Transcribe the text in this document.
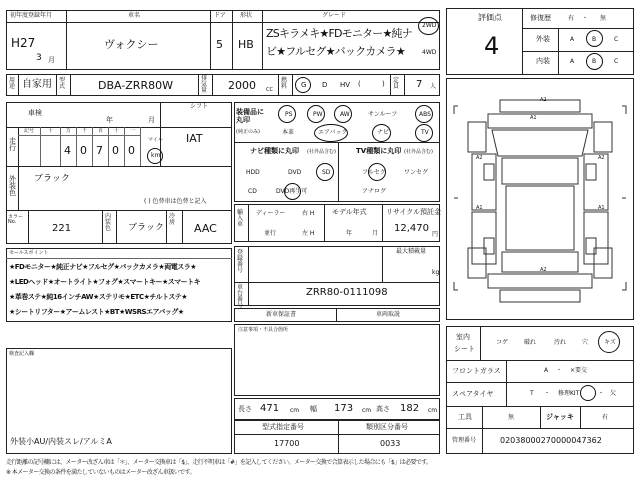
初年度登録年月
H27
3 月
車名
ヴォクシー
ドア
5
形状
HB
グレード
ZSキラメキ★FDモニター★純ナ
ビ★フルセグ★バックカメラ★
2WD
4WD
用途 自家用 型式	DBA-ZRR80W
排気量 2000 CC
燃料 G D HV (	) 定員 7 人
評価点
4
修復歴	有 ・ 無
外装	A	B	C
内装	A	B	C
車検
年	月
シフト
IAT
走行
記号	十	万 千 百 十 一
4 0 7 0 0
マイル
km
外装色
ブラック
( ) 色替車は色替と記入
カラーNo.
221
内装色	ブラック
冷房	AAC
装備品に丸印
(純正のみ)
PS	PW	AW	サンルーフ	ABS
本革	エアバック	ナビ	TV
ナビ種類に丸印 (社外品含む)
HDD	DVD	SD
CD	DVD再生可
TV種類に丸印 (社外品含む)
フルセグ	ワンセグ
アナログ
輸入車
ディーラー
並行
右 H
左 H
モデル年式
年	月
リサイクル預託金
12,470
円
セールスポイント
★FDモニター★純正ナビ★フルセグ★バックカメラ★両電スラ★
★LEDヘッド★オートライト★フォグ★スマートキー★スマートキ
★革巻ステ★純16インチAW★ステリモ★ETC★チルトステ★
★シートリフター★アームレスト★BT★WSRSエアバッグ★
登録番号
最大積載量
kg
車台番号
ZRR80-0111098
新車保証書	車両取説
注意事項・不具合箇所
検査記入欄
外装小AU/内装スレ/アルミA
長さ 471 cm 幅 173 cm 高さ 182 cm
型式指定番号
17700
類別区分番号
0033
A2
A1
A2	A2
A1	A1
A2
室内
シート
コゲ	破れ	汚れ	穴	キズ
フロントガラス	A ・ ×要交
スペアタイヤ	T ・ 修理KIT	・ 欠
工具	無	ジャッキ	有
管理番号	02038000270000047362
走行距離の記号欄には、メーター改ざん車は「＊」、メーター交換車は「$」、走行不明車は「#」を記入してください。メーター交換で合算表示した場合にも「$」は必要です。
※ 本メーター交換の条件を満たしていないものはメーター改ざん車扱いです。
